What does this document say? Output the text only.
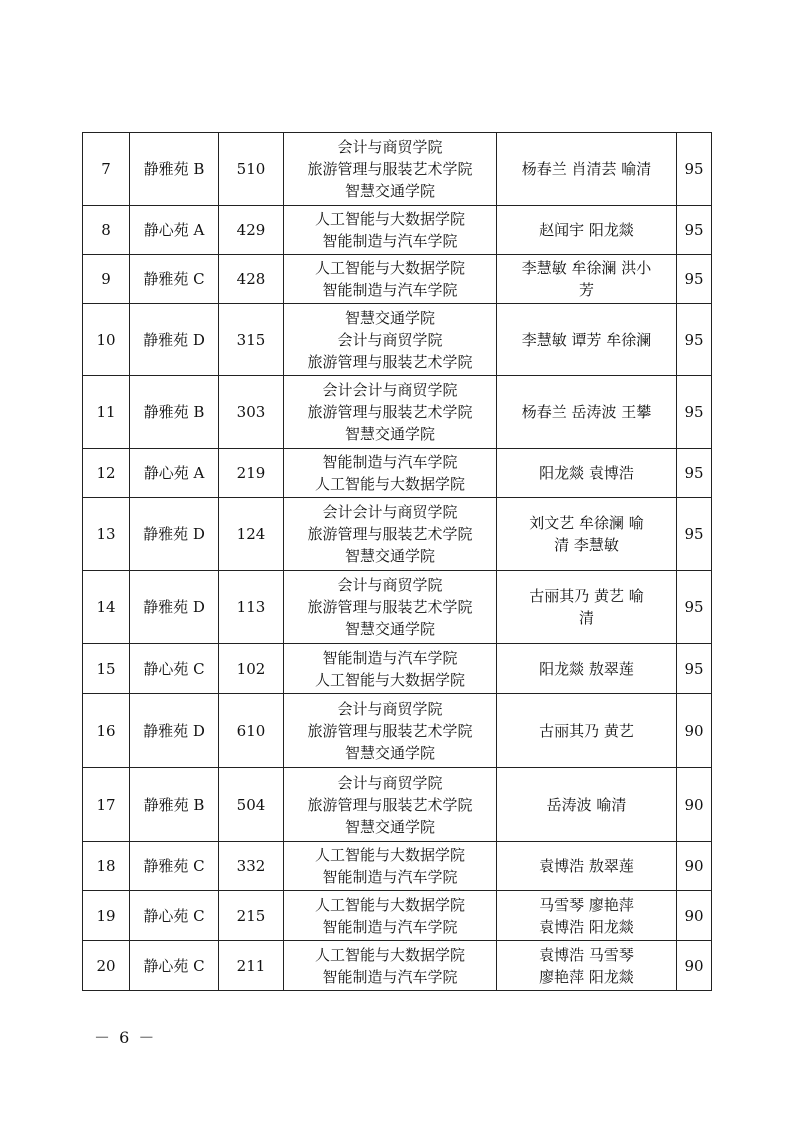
7	静雅苑 B	510	会计与商贸学院
旅游管理与服装艺术学院
智慧交通学院	杨春兰 肖清芸 喻清	95
8	静心苑 A	429	人工智能与大数据学院
智能制造与汽车学院	赵闻宇 阳龙燚	95
9	静雅苑 C	428	人工智能与大数据学院
智能制造与汽车学院	李慧敏 牟徐澜 洪小
芳	95
10	静雅苑 D	315	智慧交通学院
会计与商贸学院
旅游管理与服装艺术学院	李慧敏 谭芳 牟徐澜	95
11	静雅苑 B	303	会计会计与商贸学院
旅游管理与服装艺术学院
智慧交通学院	杨春兰 岳涛波 王攀	95
12	静心苑 A	219	智能制造与汽车学院
人工智能与大数据学院	阳龙燚 袁博浩	95
13	静雅苑 D	124	会计会计与商贸学院
旅游管理与服装艺术学院
智慧交通学院	刘文艺 牟徐澜 喻
清 李慧敏	95
14	静雅苑 D	113	会计与商贸学院
旅游管理与服装艺术学院
智慧交通学院	古丽其乃 黄艺 喻
清	95
15	静心苑 C	102	智能制造与汽车学院
人工智能与大数据学院	阳龙燚 敖翠莲	95
16	静雅苑 D	610	会计与商贸学院
旅游管理与服装艺术学院
智慧交通学院	古丽其乃 黄艺	90
17	静雅苑 B	504	会计与商贸学院
旅游管理与服装艺术学院
智慧交通学院	岳涛波 喻清	90
18	静雅苑 C	332	人工智能与大数据学院
智能制造与汽车学院	袁博浩 敖翠莲	90
19	静心苑 C	215	人工智能与大数据学院
智能制造与汽车学院	马雪琴 廖艳萍
袁博浩 阳龙燚	90
20	静心苑 C	211	人工智能与大数据学院
智能制造与汽车学院	袁博浩 马雪琴
廖艳萍 阳龙燚	90
－ 6 －
